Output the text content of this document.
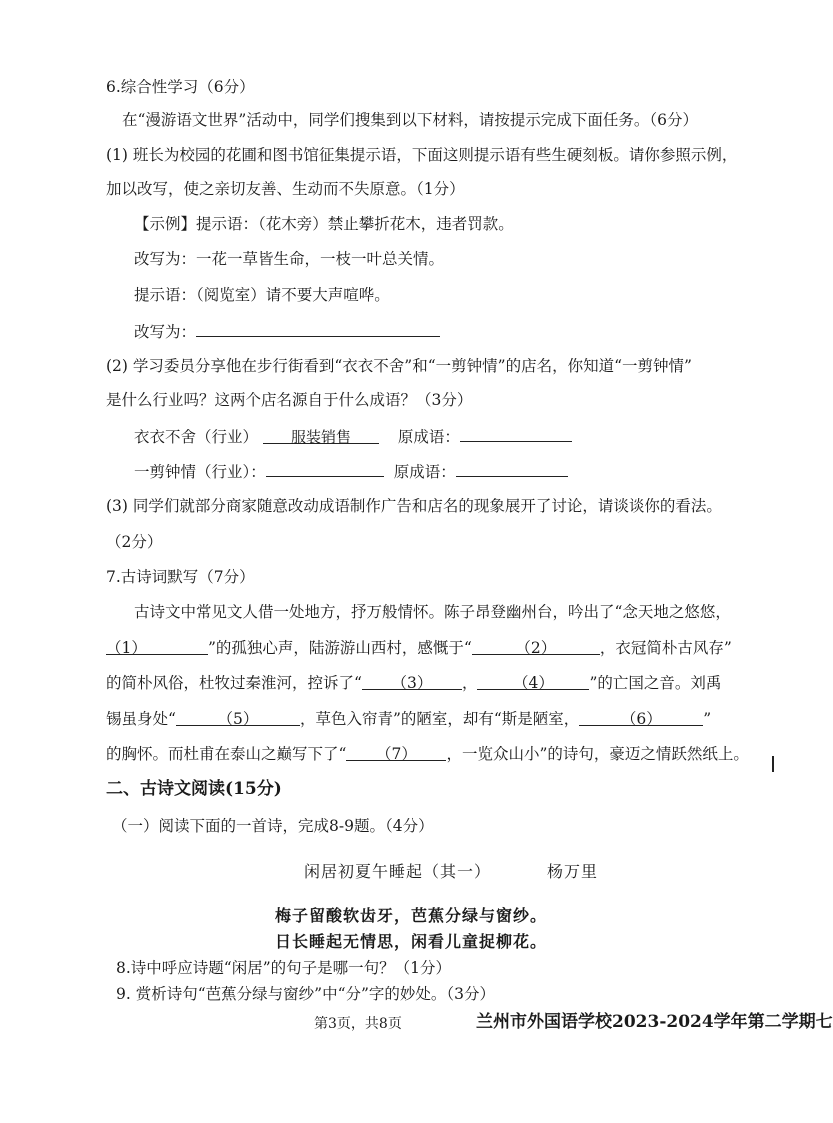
6.综合性学习（6分）
在“漫游语文世界”活动中，同学们搜集到以下材料，请按提示完成下面任务。（6分）
(1) 班长为校园的花圃和图书馆征集提示语，下面这则提示语有些生硬刻板。请你参照示例，
加以改写，使之亲切友善、生动而不失原意。（1分）
【示例】提示语：（花木旁）禁止攀折花木，违者罚款。
改写为：一花一草皆生命，一枝一叶总关情。
提示语：（阅览室）请不要大声喧哗。
改写为：
(2) 学习委员分享他在步行街看到“衣衣不舍”和“一剪钟情”的店名，你知道“一剪钟情”
是什么行业吗？这两个店名源自于什么成语？（3分）
衣衣不舍（行业） 服装销售	原成语：
一剪钟情（行业）：	原成语：
(3) 同学们就部分商家随意改动成语制作广告和店名的现象展开了讨论，请谈谈你的看法。
（2分）
7.古诗词默写（7分）
古诗文中常见文人借一处地方，抒万般情怀。陈子昂登幽州台，吟出了“念天地之悠悠，
（1）	”的孤独心声，陆游游山西村，感慨于“	（2）	，衣冠简朴古风存”
的简朴风俗，杜牧过秦淮河，控诉了“ （3） ， （4） ”的亡国之音。刘禹
锡虽身处“	（5）	，草色入帘青”的陋室，却有“斯是陋室，	（6）	”
的胸怀。而杜甫在泰山之巅写下了“ （7） ，一览众山小”的诗句，豪迈之情跃然纸上。
二、古诗文阅读(15分)
（一）阅读下面的一首诗，完成8-9题。（4分）
闲居初夏午睡起（其一）	杨万里
梅子留酸软齿牙，芭蕉分绿与窗纱。
日长睡起无情思，闲看儿童捉柳花。
8.诗中呼应诗题“闲居”的句子是哪一句？（1分）
9. 赏析诗句“芭蕉分绿与窗纱”中“分”字的妙处。（3分）
第3页，共8页	兰州市外国语学校2023-2024学年第二学期七
